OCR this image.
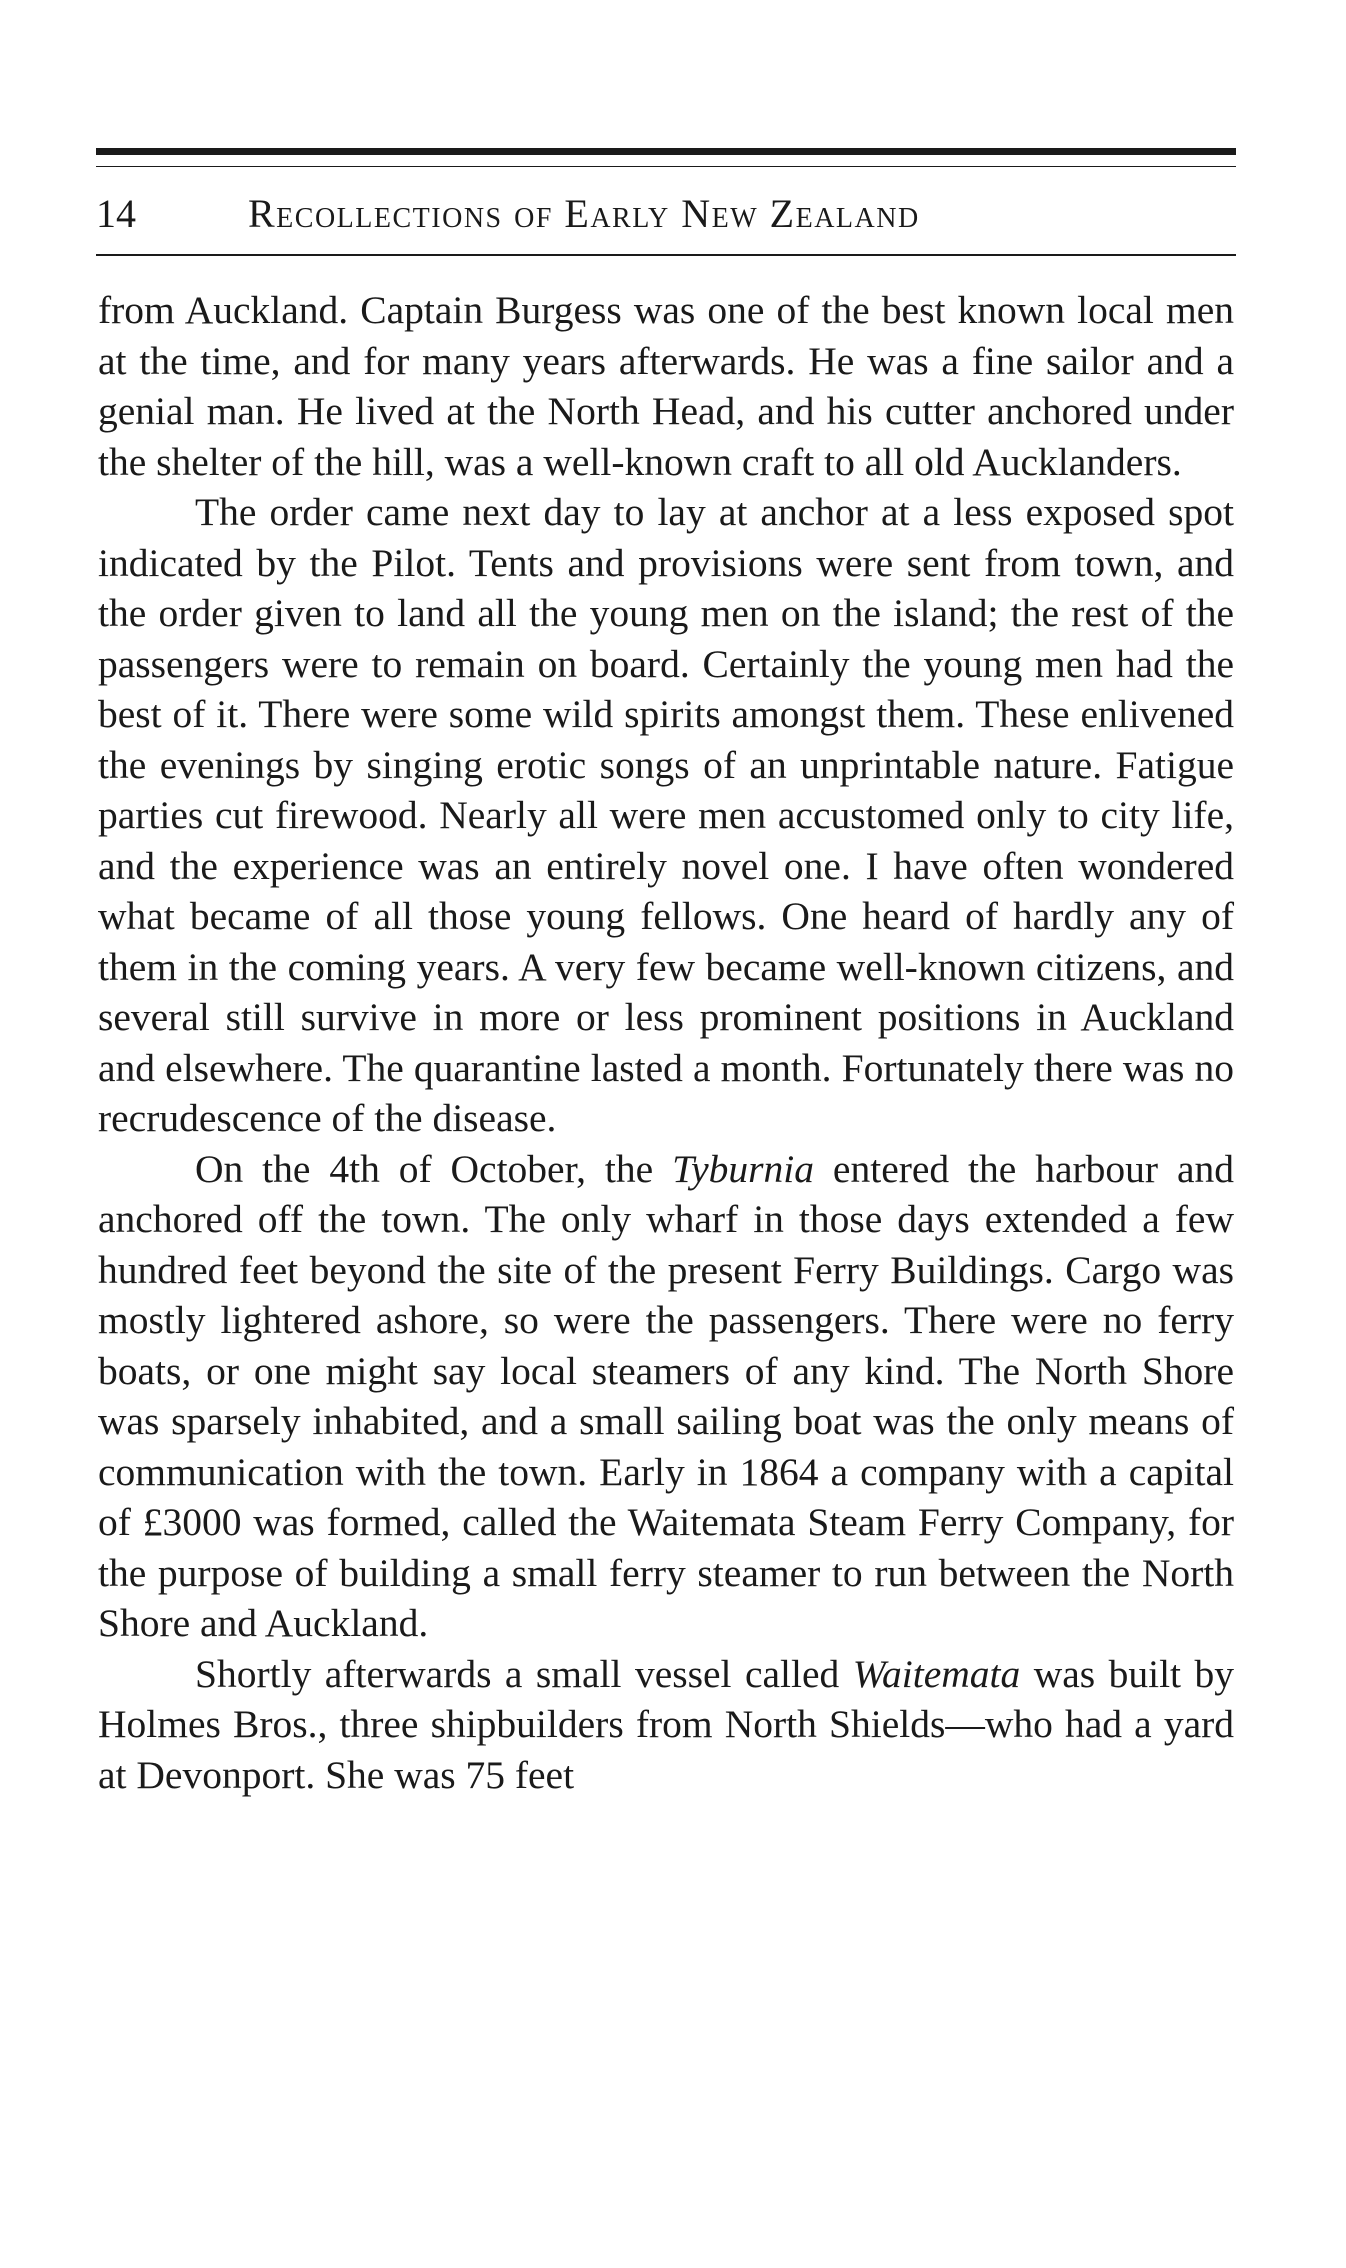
14	Recollections of Early New Zealand

from Auckland. Captain Burgess was one of the best known local men at the time, and for many years afterwards. He was a fine sailor and a genial man. He lived at the North Head, and his cutter anchored under the shelter of the hill, was a well-known craft to all old Aucklanders.

The order came next day to lay at anchor at a less exposed spot indicated by the Pilot. Tents and provisions were sent from town, and the order given to land all the young men on the island; the rest of the passengers were to remain on board. Certainly the young men had the best of it. There were some wild spirits amongst them. These enlivened the evenings by singing erotic songs of an unprintable nature. Fatigue parties cut firewood. Nearly all were men accustomed only to city life, and the experience was an entirely novel one. I have often wondered what became of all those young fellows. One heard of hardly any of them in the coming years. A very few became well-known citizens, and several still survive in more or less prominent positions in Auckland and elsewhere. The quarantine lasted a month. Fortunately there was no recrudescence of the disease.

On the 4th of October, the Tyburnia entered the harbour and anchored off the town. The only wharf in those days extended a few hundred feet beyond the site of the present Ferry Buildings. Cargo was mostly lightered ashore, so were the passengers. There were no ferry boats, or one might say local steamers of any kind. The North Shore was sparsely inhabited, and a small sailing boat was the only means of communication with the town. Early in 1864 a company with a capital of £3000 was formed, called the Waitemata Steam Ferry Company, for the purpose of building a small ferry steamer to run between the North Shore and Auckland.

Shortly afterwards a small vessel called Waitemata was built by Holmes Bros., three shipbuilders from North Shields—who had a yard at Devonport. She was 75 feet
